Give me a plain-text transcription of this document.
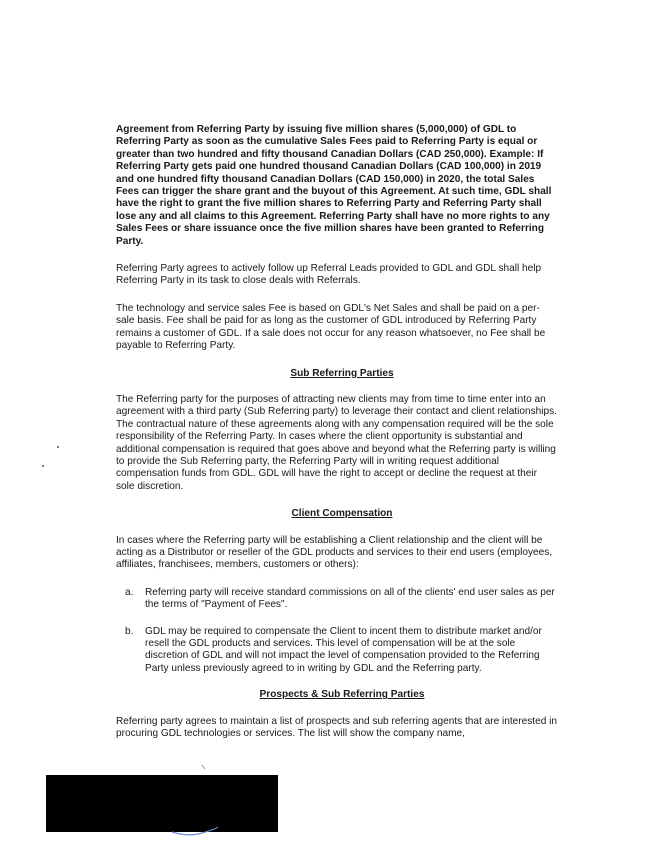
Agreement from Referring Party by issuing five million shares (5,000,000) of GDL to Referring Party as soon as the cumulative Sales Fees paid to Referring Party is equal or greater than two hundred and fifty thousand Canadian Dollars (CAD 250,000). Example: If Referring Party gets paid one hundred thousand Canadian Dollars (CAD 100,000) in 2019 and one hundred fifty thousand Canadian Dollars (CAD 150,000) in 2020, the total Sales Fees can trigger the share grant and the buyout of this Agreement. At such time, GDL shall have the right to grant the five million shares to Referring Party and Referring Party shall lose any and all claims to this Agreement. Referring Party shall have no more rights to any Sales Fees or share issuance once the five million shares have been granted to Referring Party.

Referring Party agrees to actively follow up Referral Leads provided to GDL and GDL shall help Referring Party in its task to close deals with Referrals.

The technology and service sales Fee is based on GDL's Net Sales and shall be paid on a per-sale basis. Fee shall be paid for as long as the customer of GDL introduced by Referring Party remains a customer of GDL. If a sale does not occur for any reason whatsoever, no Fee shall be payable to Referring Party.

Sub Referring Parties

The Referring party for the purposes of attracting new clients may from time to time enter into an agreement with a third party (Sub Referring party) to leverage their contact and client relationships. The contractual nature of these agreements along with any compensation required will be the sole responsibility of the Referring Party. In cases where the client opportunity is substantial and additional compensation is required that goes above and beyond what the Referring party is willing to provide the Sub Referring party, the Referring Party will in writing request additional compensation funds from GDL. GDL will have the right to accept or decline the request at their sole discretion.

Client Compensation

In cases where the Referring party will be establishing a Client relationship and the client will be acting as a Distributor or reseller of the GDL products and services to their end users (employees, affiliates, franchisees, members, customers or others):

a.	Referring party will receive standard commissions on all of the clients' end user sales as per the terms of "Payment of Fees".
b.	GDL may be required to compensate the Client to incent them to distribute market and/or resell the GDL products and services. This level of compensation will be at the sole discretion of GDL and will not impact the level of compensation provided to the Referring Party unless previously agreed to in writing by GDL and the Referring party.
Prospects & Sub Referring Parties

Referring party agrees to maintain a list of prospects and sub referring agents that are interested in procuring GDL technologies or services. The list will show the company name,
